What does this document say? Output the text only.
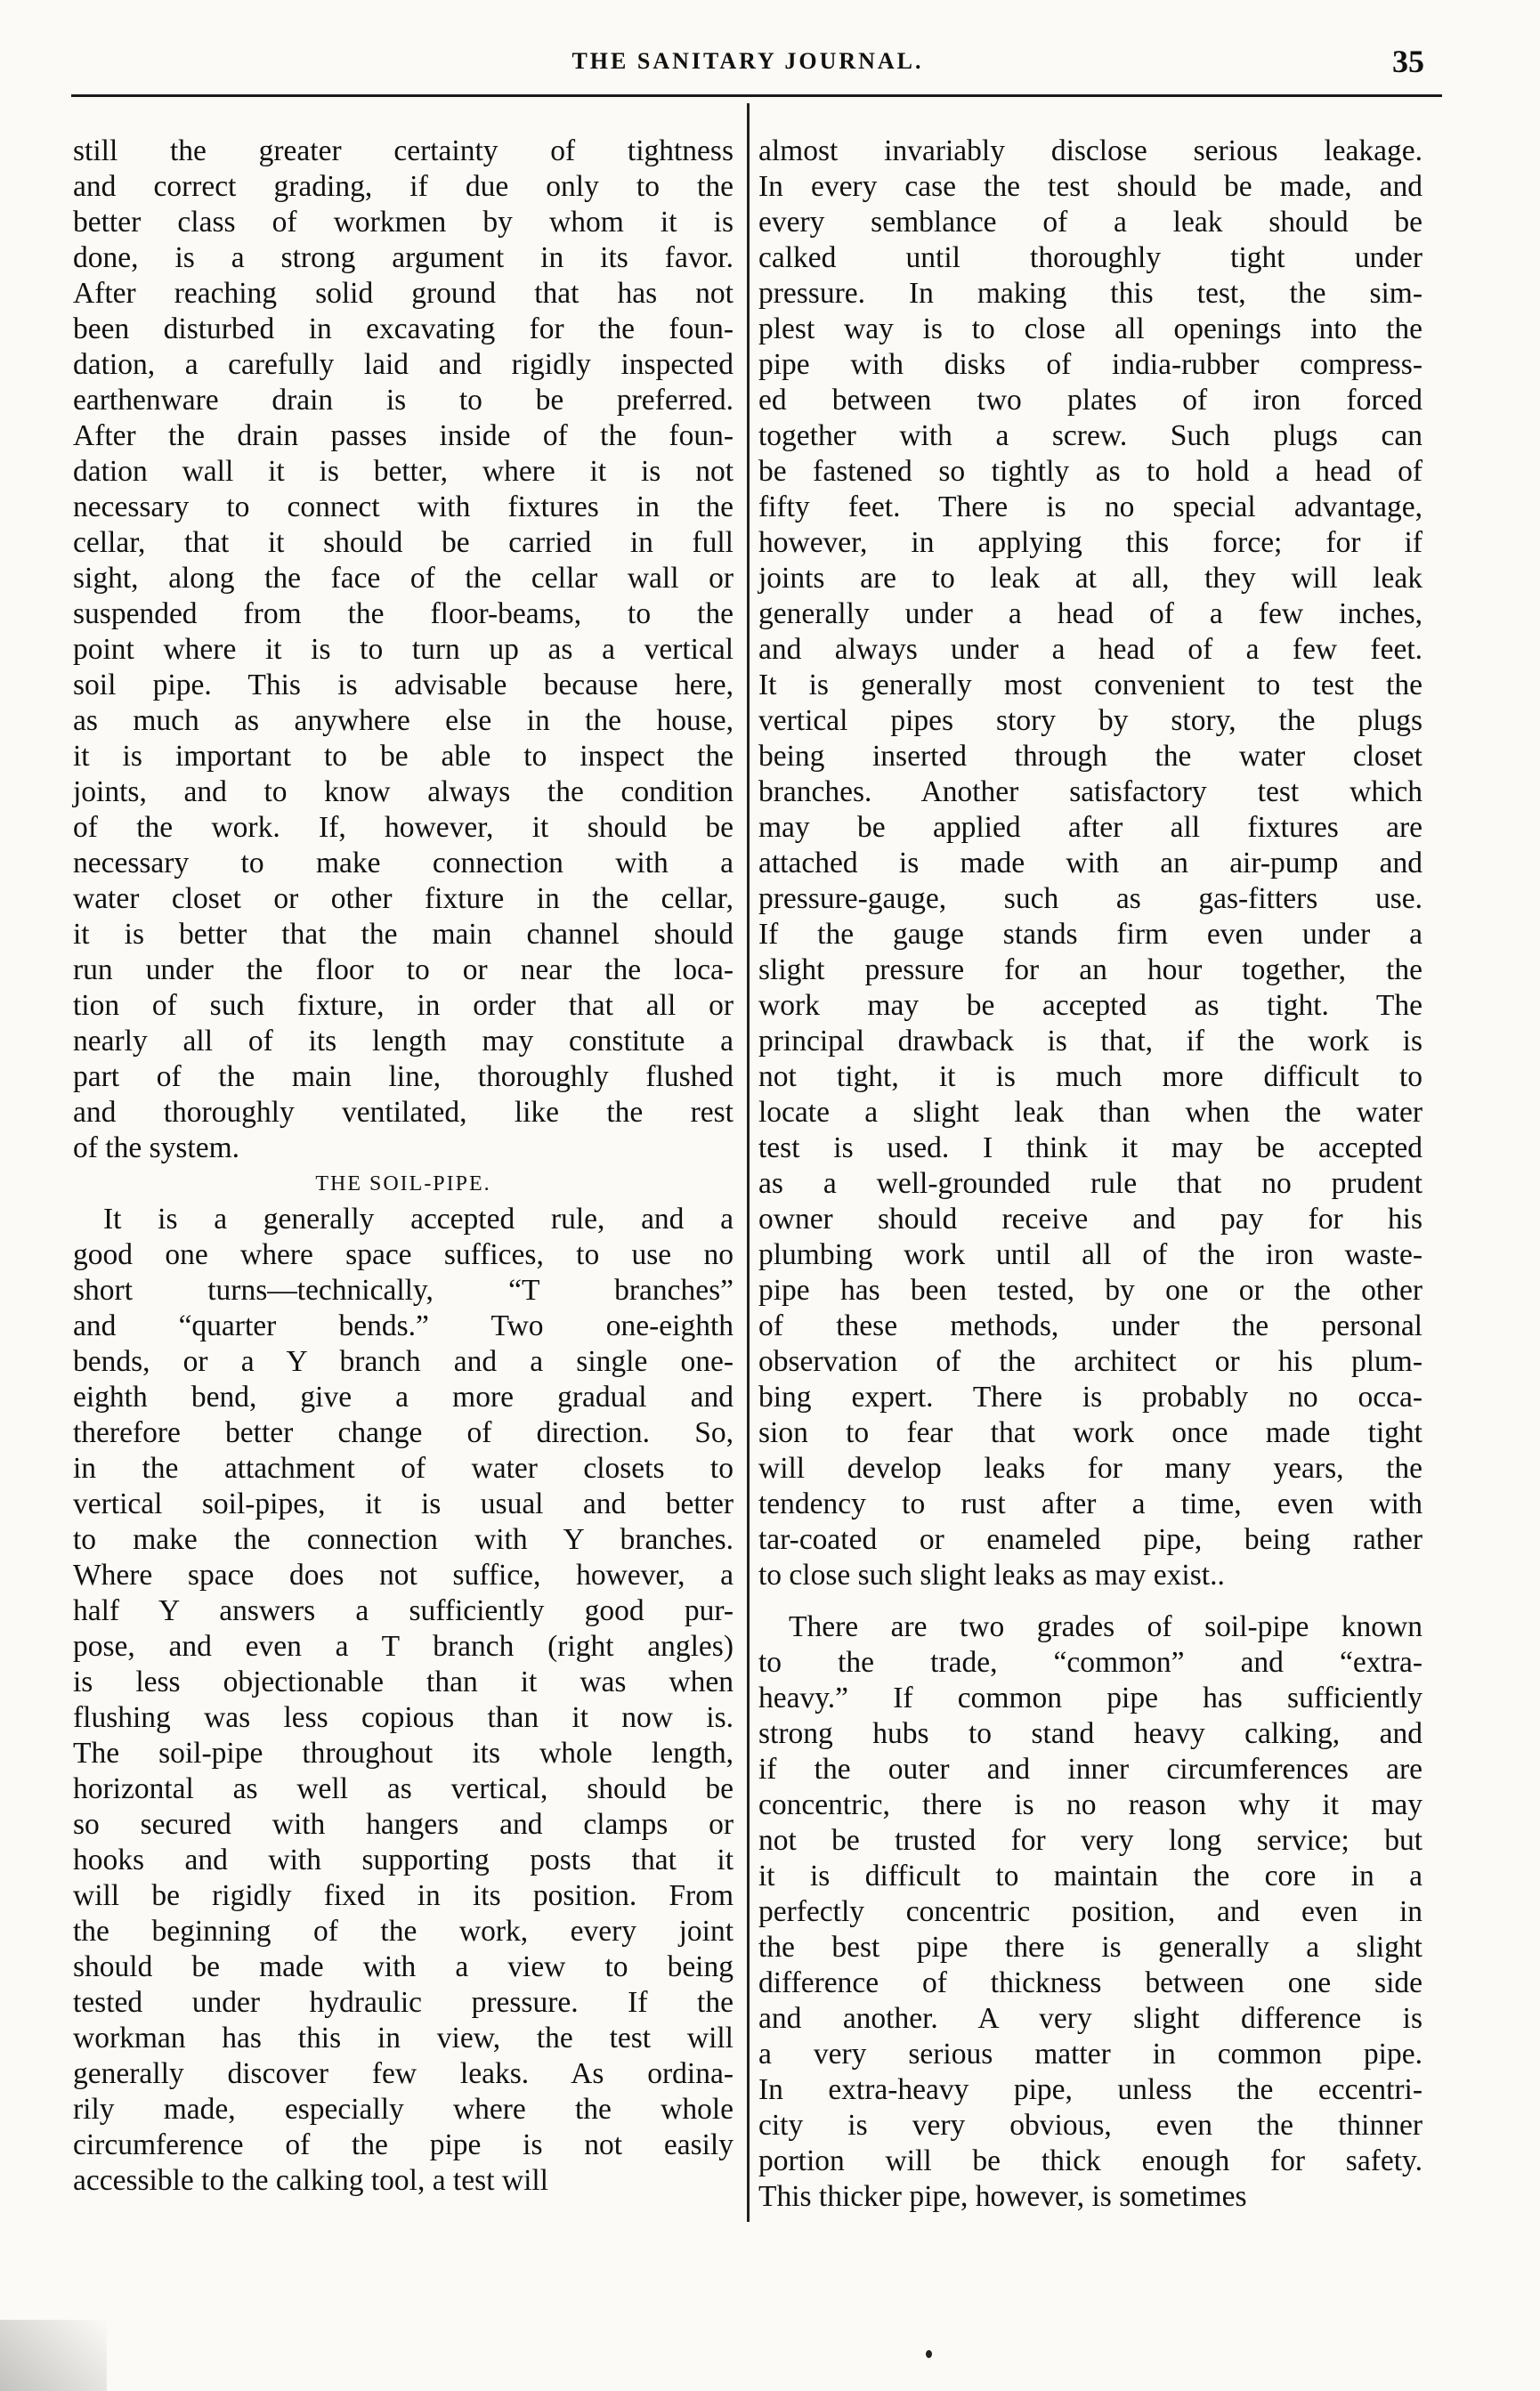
THE SANITARY JOURNAL.	35
still the greater certainty of tightness
and correct grading, if due only to the
better class of workmen by whom it is
done, is a strong argument in its favor.
After reaching solid ground that has not
been disturbed in excavating for the foun-
dation, a carefully laid and rigidly inspected
earthenware drain is to be preferred.
After the drain passes inside of the foun-
dation wall it is better, where it is not
necessary to connect with fixtures in the
cellar, that it should be carried in full
sight, along the face of the cellar wall or
suspended from the floor-beams, to the
point where it is to turn up as a vertical
soil pipe. This is advisable because here,
as much as anywhere else in the house,
it is important to be able to inspect the
joints, and to know always the condition
of the work. If, however, it should be
necessary to make connection with a
water closet or other fixture in the cellar,
it is better that the main channel should
run under the floor to or near the loca-
tion of such fixture, in order that all or
nearly all of its length may constitute a
part of the main line, thoroughly flushed
and thoroughly ventilated, like the rest
of the system.
THE SOIL-PIPE.
It is a generally accepted rule, and a
good one where space suffices, to use no
short turns—technically, “T branches”
and “quarter bends.” Two one-eighth
bends, or a Y branch and a single one-
eighth bend, give a more gradual and
therefore better change of direction. So,
in the attachment of water closets to
vertical soil-pipes, it is usual and better
to make the connection with Y branches.
Where space does not suffice, however, a
half Y answers a sufficiently good pur-
pose, and even a T branch (right angles)
is less objectionable than it was when
flushing was less copious than it now is.
The soil-pipe throughout its whole length,
horizontal as well as vertical, should be
so secured with hangers and clamps or
hooks and with supporting posts that it
will be rigidly fixed in its position. From
the beginning of the work, every joint
should be made with a view to being
tested under hydraulic pressure. If the
workman has this in view, the test will
generally discover few leaks. As ordina-
rily made, especially where the whole
circumference of the pipe is not easily
accessible to the calking tool, a test will
almost invariably disclose serious leakage.
In every case the test should be made, and
every semblance of a leak should be
calked until thoroughly tight under
pressure. In making this test, the sim-
plest way is to close all openings into the
pipe with disks of india-rubber compress-
ed between two plates of iron forced
together with a screw. Such plugs can
be fastened so tightly as to hold a head of
fifty feet. There is no special advantage,
however, in applying this force; for if
joints are to leak at all, they will leak
generally under a head of a few inches,
and always under a head of a few feet.
It is generally most convenient to test the
vertical pipes story by story, the plugs
being inserted through the water closet
branches. Another satisfactory test which
may be applied after all fixtures are
attached is made with an air-pump and
pressure-gauge, such as gas-fitters use.
If the gauge stands firm even under a
slight pressure for an hour together, the
work may be accepted as tight. The
principal drawback is that, if the work is
not tight, it is much more difficult to
locate a slight leak than when the water
test is used. I think it may be accepted
as a well-grounded rule that no prudent
owner should receive and pay for his
plumbing work until all of the iron waste-
pipe has been tested, by one or the other
of these methods, under the personal
observation of the architect or his plum-
bing expert. There is probably no occa-
sion to fear that work once made tight
will develop leaks for many years, the
tendency to rust after a time, even with
tar-coated or enameled pipe, being rather
to close such slight leaks as may exist..
There are two grades of soil-pipe known
to the trade, “common” and “extra-
heavy.” If common pipe has sufficiently
strong hubs to stand heavy calking, and
if the outer and inner circumferences are
concentric, there is no reason why it may
not be trusted for very long service; but
it is difficult to maintain the core in a
perfectly concentric position, and even in
the best pipe there is generally a slight
difference of thickness between one side
and another. A very slight difference is
a very serious matter in common pipe.
In extra-heavy pipe, unless the eccentri-
city is very obvious, even the thinner
portion will be thick enough for safety.
This thicker pipe, however, is sometimes
